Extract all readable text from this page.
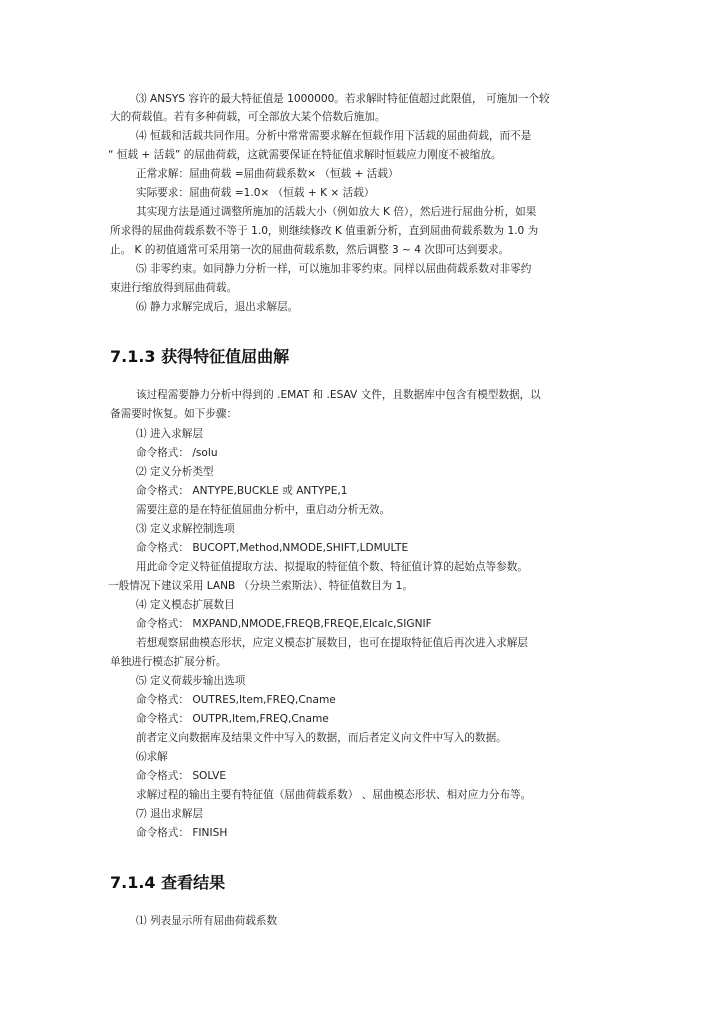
⑶ ANSYS 容许的最大特征值是 1000000。若求解时特征值超过此限值， 可施加一个较
大的荷载值。若有多种荷载，可全部放大某个倍数后施加。
⑷ 恒载和活载共同作用。分析中常常需要求解在恒载作用下活载的屈曲荷载，而不是
“ 恒载 + 活载” 的屈曲荷载，这就需要保证在特征值求解时恒载应力刚度不被缩放。
正常求解：屈曲荷载 =屈曲荷载系数× （恒载 + 活载）
实际要求：屈曲荷载 =1.0× （恒载 + K × 活载）
其实现方法是通过调整所施加的活载大小（例如放大 K 倍），然后进行屈曲分析，如果
所求得的屈曲荷载系数不等于 1.0，则继续修改 K 值重新分析，直到屈曲荷载系数为 1.0 为
止。 K 的初值通常可采用第一次的屈曲荷载系数，然后调整 3 ~ 4 次即可达到要求。
⑸ 非零约束。如同静力分析一样，可以施加非零约束。同样以屈曲荷载系数对非零约
束进行缩放得到屈曲荷载。
⑹ 静力求解完成后，退出求解层。
7.1.3 获得特征值屈曲解
该过程需要静力分析中得到的 .EMAT 和 .ESAV 文件，且数据库中包含有模型数据，以
备需要时恢复。如下步骤：
⑴ 进入求解层
命令格式： /solu
⑵ 定义分析类型
命令格式： ANTYPE,BUCKLE 或 ANTYPE,1
需要注意的是在特征值屈曲分析中，重启动分析无效。
⑶ 定义求解控制选项
命令格式： BUCOPT,Method,NMODE,SHIFT,LDMULTE
用此命令定义特征值提取方法、拟提取的特征值个数、特征值计算的起始点等参数。
一般情况下建议采用 LANB （分块兰索斯法）、特征值数目为 1。
⑷ 定义模态扩展数目
命令格式： MXPAND,NMODE,FREQB,FREQE,Elcalc,SIGNIF
若想观察屈曲模态形状，应定义模态扩展数目，也可在提取特征值后再次进入求解层
单独进行模态扩展分析。
⑸ 定义荷载步输出选项
命令格式： OUTRES,Item,FREQ,Cname
命令格式： OUTPR,Item,FREQ,Cname
前者定义向数据库及结果文件中写入的数据，而后者定义向文件中写入的数据。
⑹求解
命令格式： SOLVE
求解过程的输出主要有特征值（屈曲荷载系数） 、屈曲模态形状、相对应力分布等。
⑺ 退出求解层
命令格式： FINISH
7.1.4 查看结果
⑴ 列表显示所有屈曲荷载系数
